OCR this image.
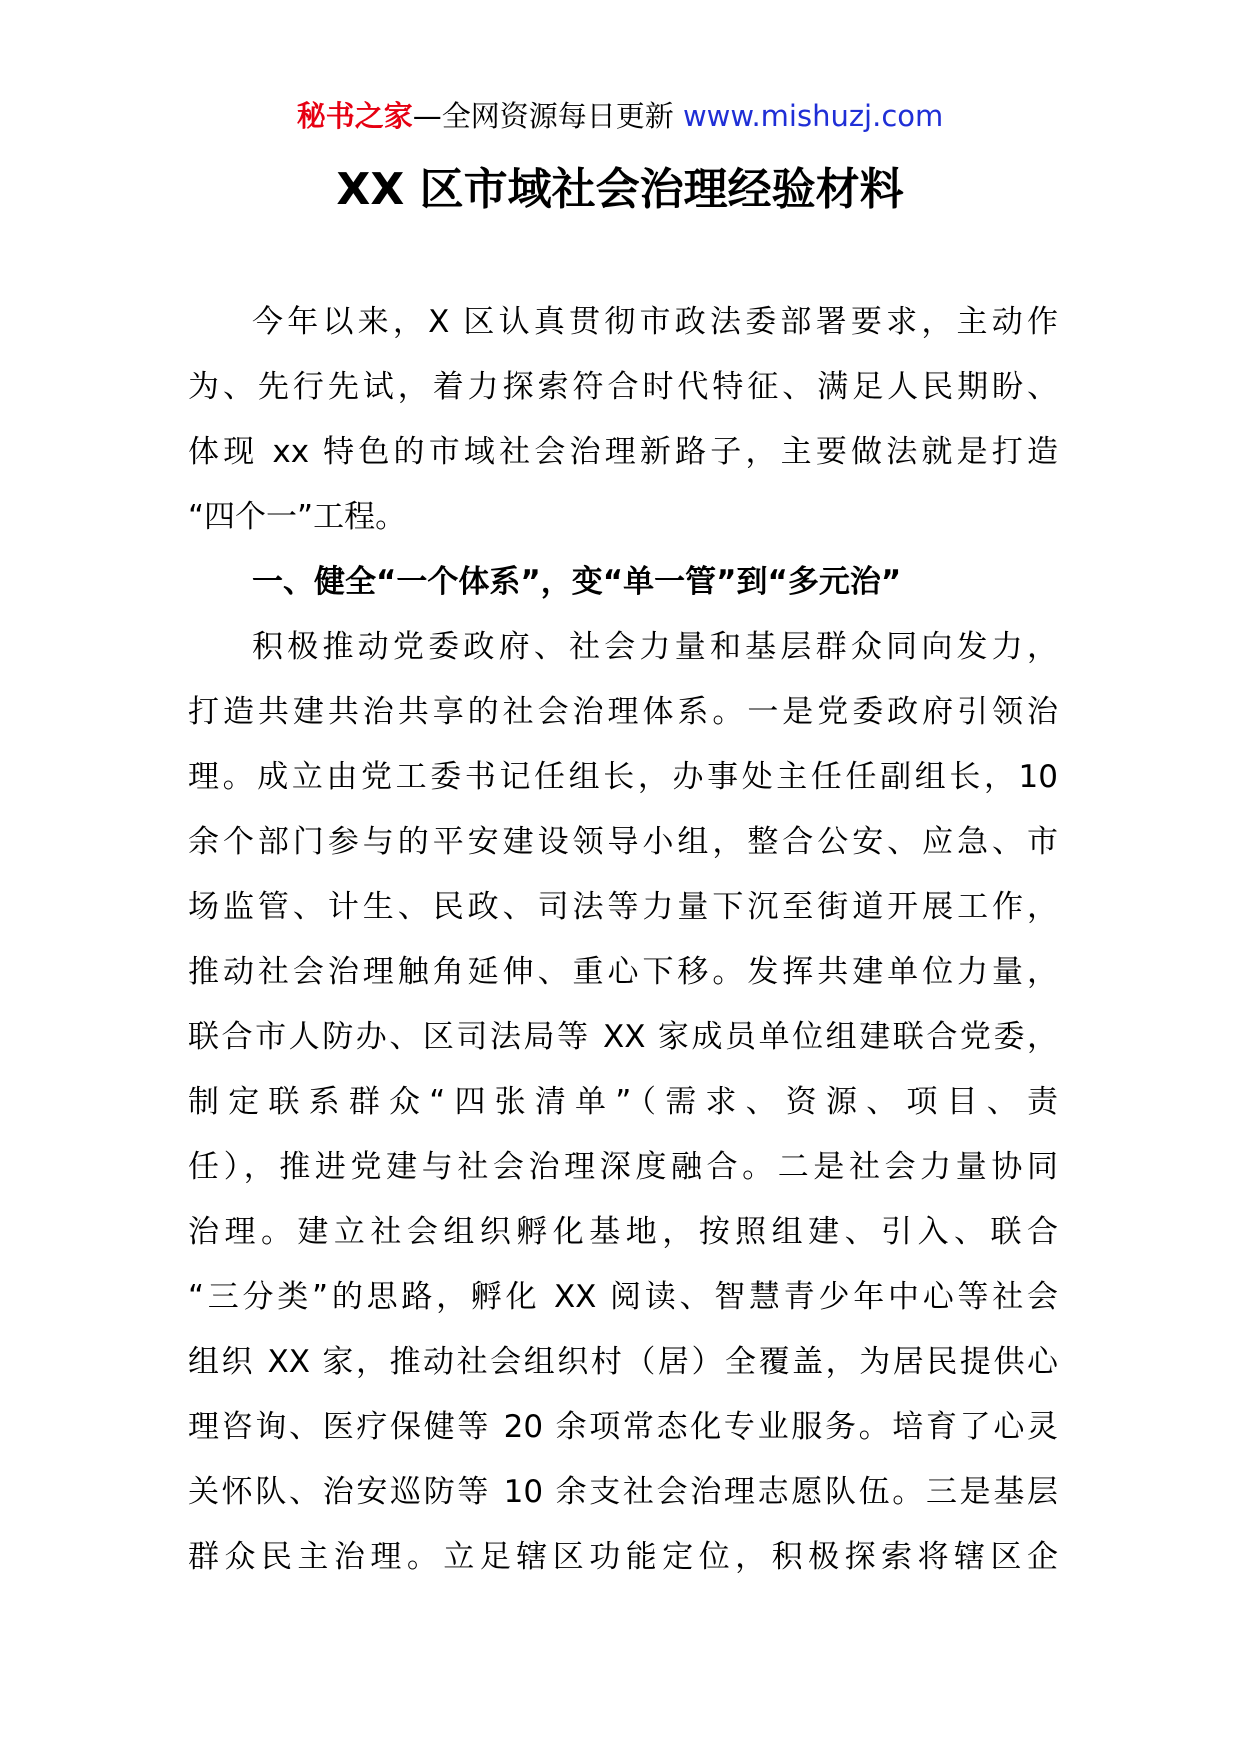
秘书之家—全网资源每日更新 www.mishuzj.com
XX 区市域社会治理经验材料
今年以来，X 区认真贯彻市政法委部署要求，主动作
为、先行先试，着力探索符合时代特征、满足人民期盼、
体现 xx 特色的市域社会治理新路子，主要做法就是打造
“四个一”工程。
一、健全“一个体系”，变“单一管”到“多元治”
积极推动党委政府、社会力量和基层群众同向发力，
打造共建共治共享的社会治理体系。一是党委政府引领治
理。成立由党工委书记任组长，办事处主任任副组长，10
余个部门参与的平安建设领导小组，整合公安、应急、市
场监管、计生、民政、司法等力量下沉至街道开展工作，
推动社会治理触角延伸、重心下移。发挥共建单位力量，
联合市人防办、区司法局等 XX 家成员单位组建联合党委，
制定联系群众“四张清单”（需求、资源、项目、责
任），推进党建与社会治理深度融合。二是社会力量协同
治理。建立社会组织孵化基地，按照组建、引入、联合
“三分类”的思路，孵化 XX 阅读、智慧青少年中心等社会
组织 XX 家，推动社会组织村（居）全覆盖，为居民提供心
理咨询、医疗保健等 20 余项常态化专业服务。培育了心灵
关怀队、治安巡防等 10 余支社会治理志愿队伍。三是基层
群众民主治理。立足辖区功能定位，积极探索将辖区企
